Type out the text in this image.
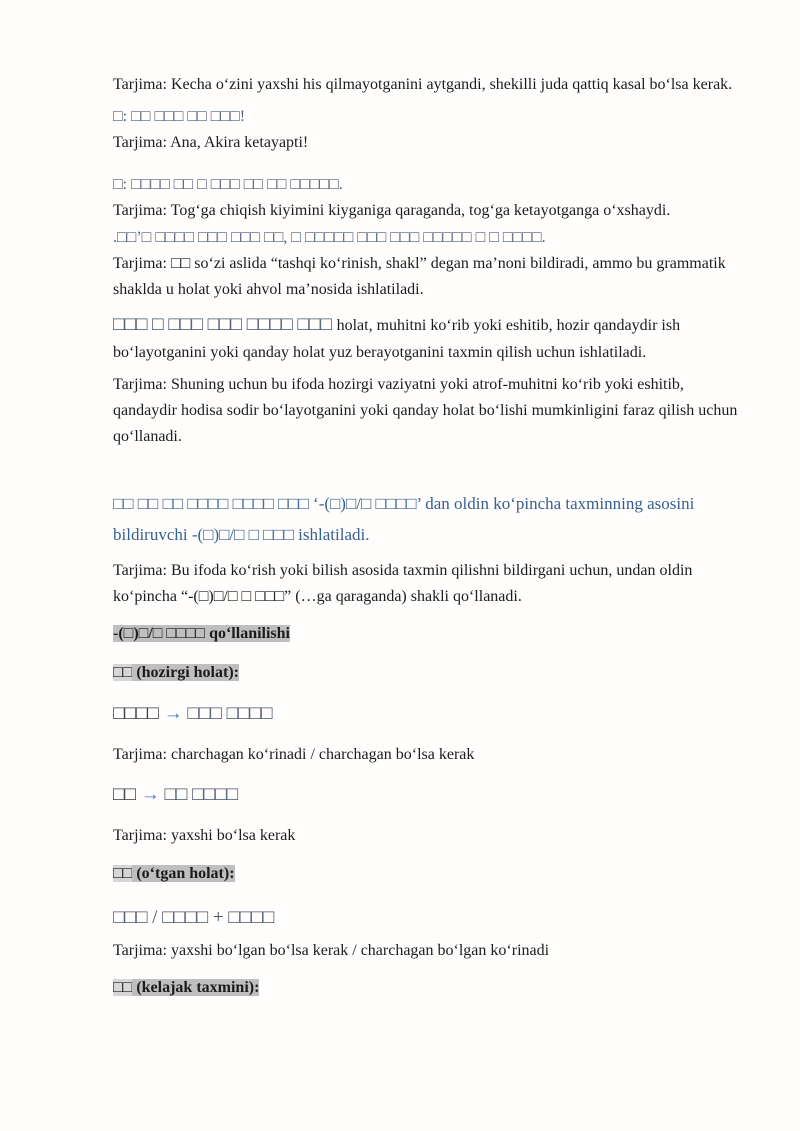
Tarjima: Kecha o‘zini yaxshi his qilmayotganini aytgandi, shekilli juda qattiq kasal bo‘lsa kerak.

□: □□ □□□ □□ □□□!

Tarjima: Ana, Akira ketayapti!

□: □□□□ □□ □ □□□ □□ □□ □□□□□.

Tarjima: Tog‘ga chiqish kiyimini kiyganiga qaraganda, tog‘ga ketayotganga o‘xshaydi.

.□□’□ □□□□ □□□ □□□ □□, □ □□□□□ □□□ □□□ □□□□□ □ □ □□□□.

Tarjima: □□ so‘zi aslida “tashqi ko‘rinish, shakl” degan ma’noni bildiradi, ammo bu grammatik shaklda u holat yoki ahvol ma’nosida ishlatiladi.

□□□ □ □□□ □□□ □□□□ □□□ holat, muhitni ko‘rib yoki eshitib, hozir qandaydir ish bo‘layotganini yoki qanday holat yuz berayotganini taxmin qilish uchun ishlatiladi.

Tarjima: Shuning uchun bu ifoda hozirgi vaziyatni yoki atrof-muhitni ko‘rib yoki eshitib, qandaydir hodisa sodir bo‘layotganini yoki qanday holat bo‘lishi mumkinligini faraz qilish uchun qo‘llanadi.

□□ □□ □□ □□□□ □□□□ □□□ ‘-(□)□/□ □□□□’ dan oldin ko‘pincha taxminning asosini bildiruvchi -(□)□/□ □ □□□ ishlatiladi.

Tarjima: Bu ifoda ko‘rish yoki bilish asosida taxmin qilishni bildirgani uchun, undan oldin ko‘pincha “-(□)□/□ □ □□□” (…ga qaraganda) shakli qo‘llanadi.

-(□)□/□ □□□□ qo‘llanilishi

□□ (hozirgi holat):

□□□□ → □□□ □□□□

Tarjima: charchagan ko‘rinadi / charchagan bo‘lsa kerak

□□ → □□ □□□□

Tarjima: yaxshi bo‘lsa kerak

□□ (o‘tgan holat):

□□□ / □□□□ + □□□□

Tarjima: yaxshi bo‘lgan bo‘lsa kerak / charchagan bo‘lgan ko‘rinadi

□□ (kelajak taxmini):
